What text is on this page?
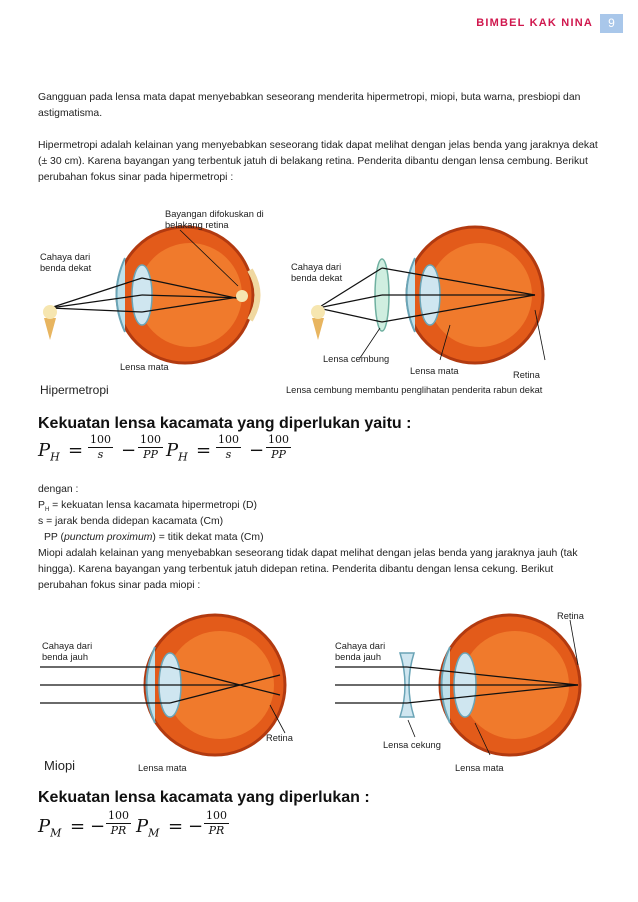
BIMBEL KAK NINA	9
Gangguan pada lensa mata dapat menyebabkan seseorang menderita hipermetropi, miopi, buta warna, presbiopi dan astigmatisma.
Hipermetropi adalah kelainan yang menyebabkan seseorang tidak dapat melihat dengan jelas benda yang jaraknya dekat (± 30 cm). Karena bayangan yang terbentuk jatuh di belakang retina. Penderita dibantu dengan lensa cembung. Berikut perubahan fokus sinar pada hipermetropi :
Bayangan difokuskan di belakang retina
Cahaya dari benda dekat
Lensa mata
Hipermetropi
Cahaya dari benda dekat
Lensa cembung
Lensa mata	Retina
Lensa cembung membantu penglihatan penderita rabun dekat
Kekuatan lensa kacamata yang diperlukan yaitu :
$P_H = \frac{100}{s} - \frac{100}{PP} P_H = \frac{100}{s} - \frac{100}{PP}$
dengan :
$P_H$ = kekuatan lensa kacamata hipermetropi (D)
s = jarak benda didepan kacamata (Cm)
PP (punctum proximum) = titik dekat mata (Cm)
Miopi adalah kelainan yang menyebabkan seseorang tidak dapat melihat dengan jelas benda yang jaraknya jauh (tak hingga). Karena bayangan yang terbentuk jatuh didepan retina. Penderita dibantu dengan lensa cekung. Berikut perubahan fokus sinar pada miopi :
Cahaya dari benda jauh
Retina
Miopi	Lensa mata
Retina
Cahaya dari benda jauh
Lensa cekung
Lensa mata
Kekuatan lensa kacamata yang diperlukan :
$P_M$ = − $\frac{100}{PR} P_M$ = − $\frac{100}{PR}$
